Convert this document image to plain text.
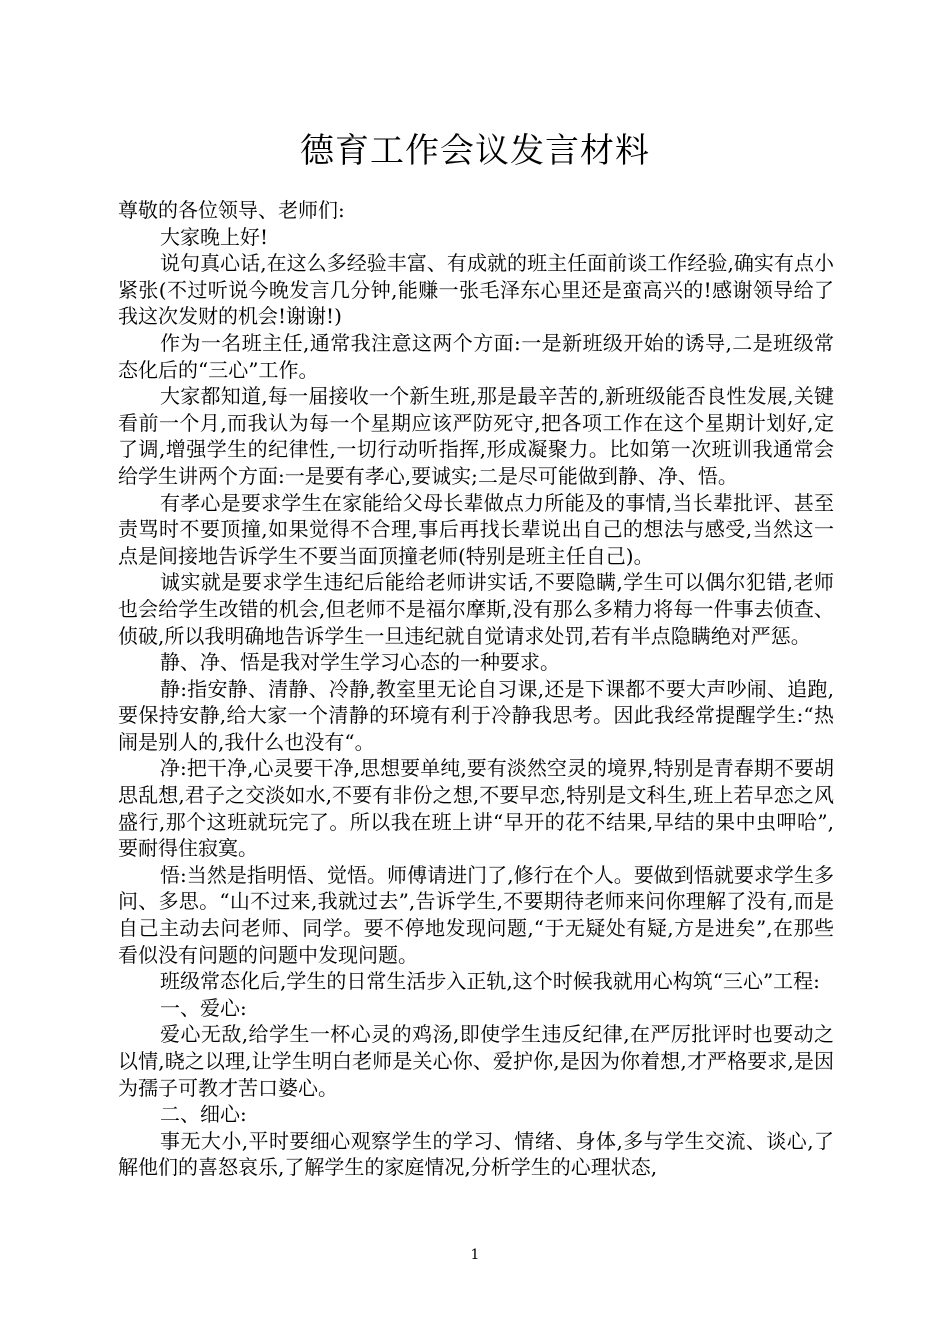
德育工作会议发言材料

尊敬的各位领导、老师们:

大家晚上好!

说句真心话,在这么多经验丰富、有成就的班主任面前谈工作经验,确实有点小紧张(不过听说今晚发言几分钟,能赚一张毛泽东心里还是蛮高兴的!感谢领导给了我这次发财的机会!谢谢!)

作为一名班主任,通常我注意这两个方面:一是新班级开始的诱导,二是班级常态化后的“三心”工作。

大家都知道,每一届接收一个新生班,那是最辛苦的,新班级能否良性发展,关键看前一个月,而我认为每一个星期应该严防死守,把各项工作在这个星期计划好,定了调,增强学生的纪律性,一切行动听指挥,形成凝聚力。比如第一次班训我通常会给学生讲两个方面:一是要有孝心,要诚实;二是尽可能做到静、净、悟。

有孝心是要求学生在家能给父母长辈做点力所能及的事情,当长辈批评、甚至责骂时不要顶撞,如果觉得不合理,事后再找长辈说出自己的想法与感受,当然这一点是间接地告诉学生不要当面顶撞老师(特别是班主任自己)。

诚实就是要求学生违纪后能给老师讲实话,不要隐瞒,学生可以偶尔犯错,老师也会给学生改错的机会,但老师不是福尔摩斯,没有那么多精力将每一件事去侦查、侦破,所以我明确地告诉学生一旦违纪就自觉请求处罚,若有半点隐瞒绝对严惩。

静、净、悟是我对学生学习心态的一种要求。

静:指安静、清静、冷静,教室里无论自习课,还是下课都不要大声吵闹、追跑,要保持安静,给大家一个清静的环境有利于冷静我思考。因此我经常提醒学生:“热闹是别人的,我什么也没有“。

净:把干净,心灵要干净,思想要单纯,要有淡然空灵的境界,特别是青春期不要胡思乱想,君子之交淡如水,不要有非份之想,不要早恋,特别是文科生,班上若早恋之风盛行,那个这班就玩完了。所以我在班上讲“早开的花不结果,早结的果中虫呷哈”,要耐得住寂寞。

悟:当然是指明悟、觉悟。师傅请进门了,修行在个人。要做到悟就要求学生多问、多思。“山不过来,我就过去”,告诉学生,不要期待老师来问你理解了没有,而是自己主动去问老师、同学。要不停地发现问题,“于无疑处有疑,方是进矣”,在那些看似没有问题的问题中发现问题。

班级常态化后,学生的日常生活步入正轨,这个时候我就用心构筑“三心”工程:

一、爱心:

爱心无敌,给学生一杯心灵的鸡汤,即使学生违反纪律,在严厉批评时也要动之以情,晓之以理,让学生明白老师是关心你、爱护你,是因为你着想,才严格要求,是因为孺子可教才苦口婆心。

二、细心:

事无大小,平时要细心观察学生的学习、情绪、身体,多与学生交流、谈心,了解他们的喜怒哀乐,了解学生的家庭情况,分析学生的心理状态,

1
